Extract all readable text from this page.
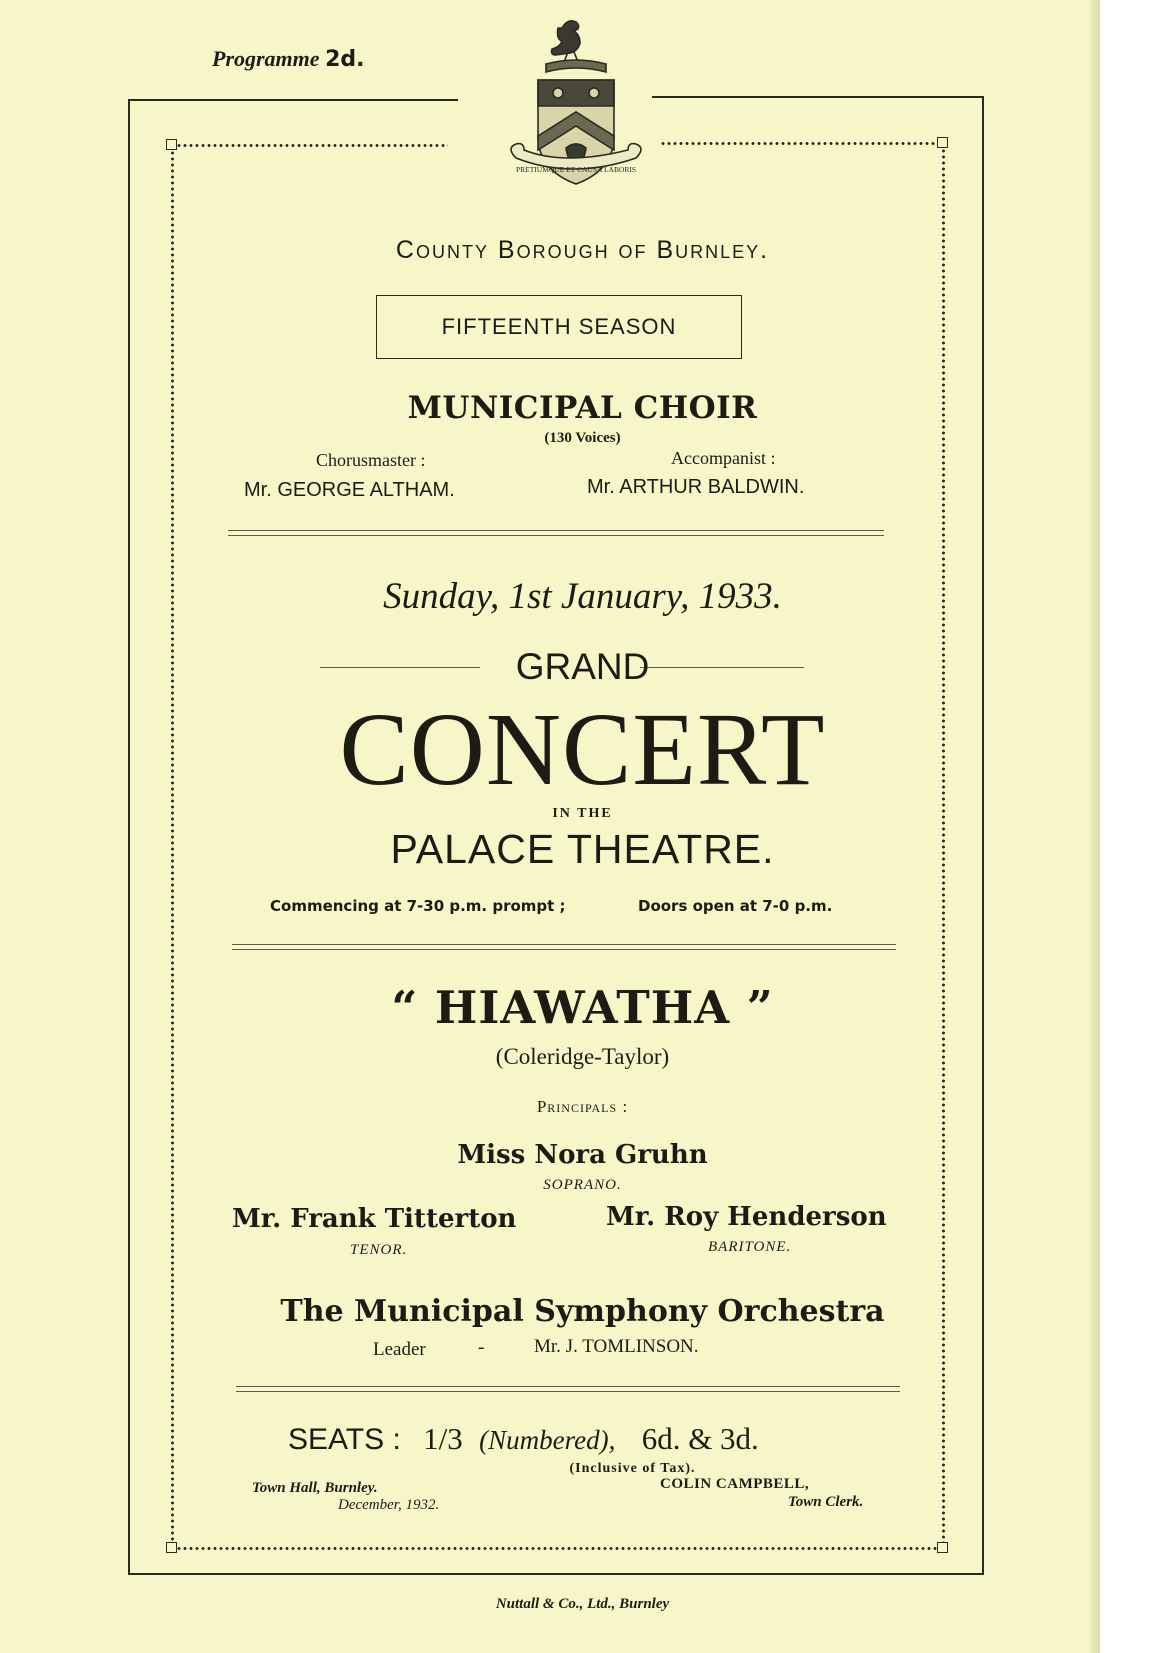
Programme 2d.
PRETIUMQUE ET CAUSA LABORIS
County Borough of Burnley.
FIFTEENTH SEASON
MUNICIPAL CHOIR
(130 Voices)
Chorusmaster :
Mr. GEORGE ALTHAM.
Accompanist :
Mr. ARTHUR BALDWIN.
Sunday, 1st January, 1933.
GRAND
CONCERT
IN THE
PALACE THEATRE.
Commencing at 7-30 p.m. prompt ;	Doors open at 7-0 p.m.
“ HIAWATHA ”
(Coleridge-Taylor)
Principals :
Miss Nora Gruhn
SOPRANO.
Mr. Frank Titterton
TENOR.
Mr. Roy Henderson
BARITONE.
The Municipal Symphony Orchestra
Leader	-	Mr. J. TOMLINSON.
SEATS : 1/3 (Numbered), 6d. & 3d.
(Inclusive of Tax).
Town Hall, Burnley.
December, 1932.
COLIN CAMPBELL,
Town Clerk.
Nuttall & Co., Ltd., Burnley
